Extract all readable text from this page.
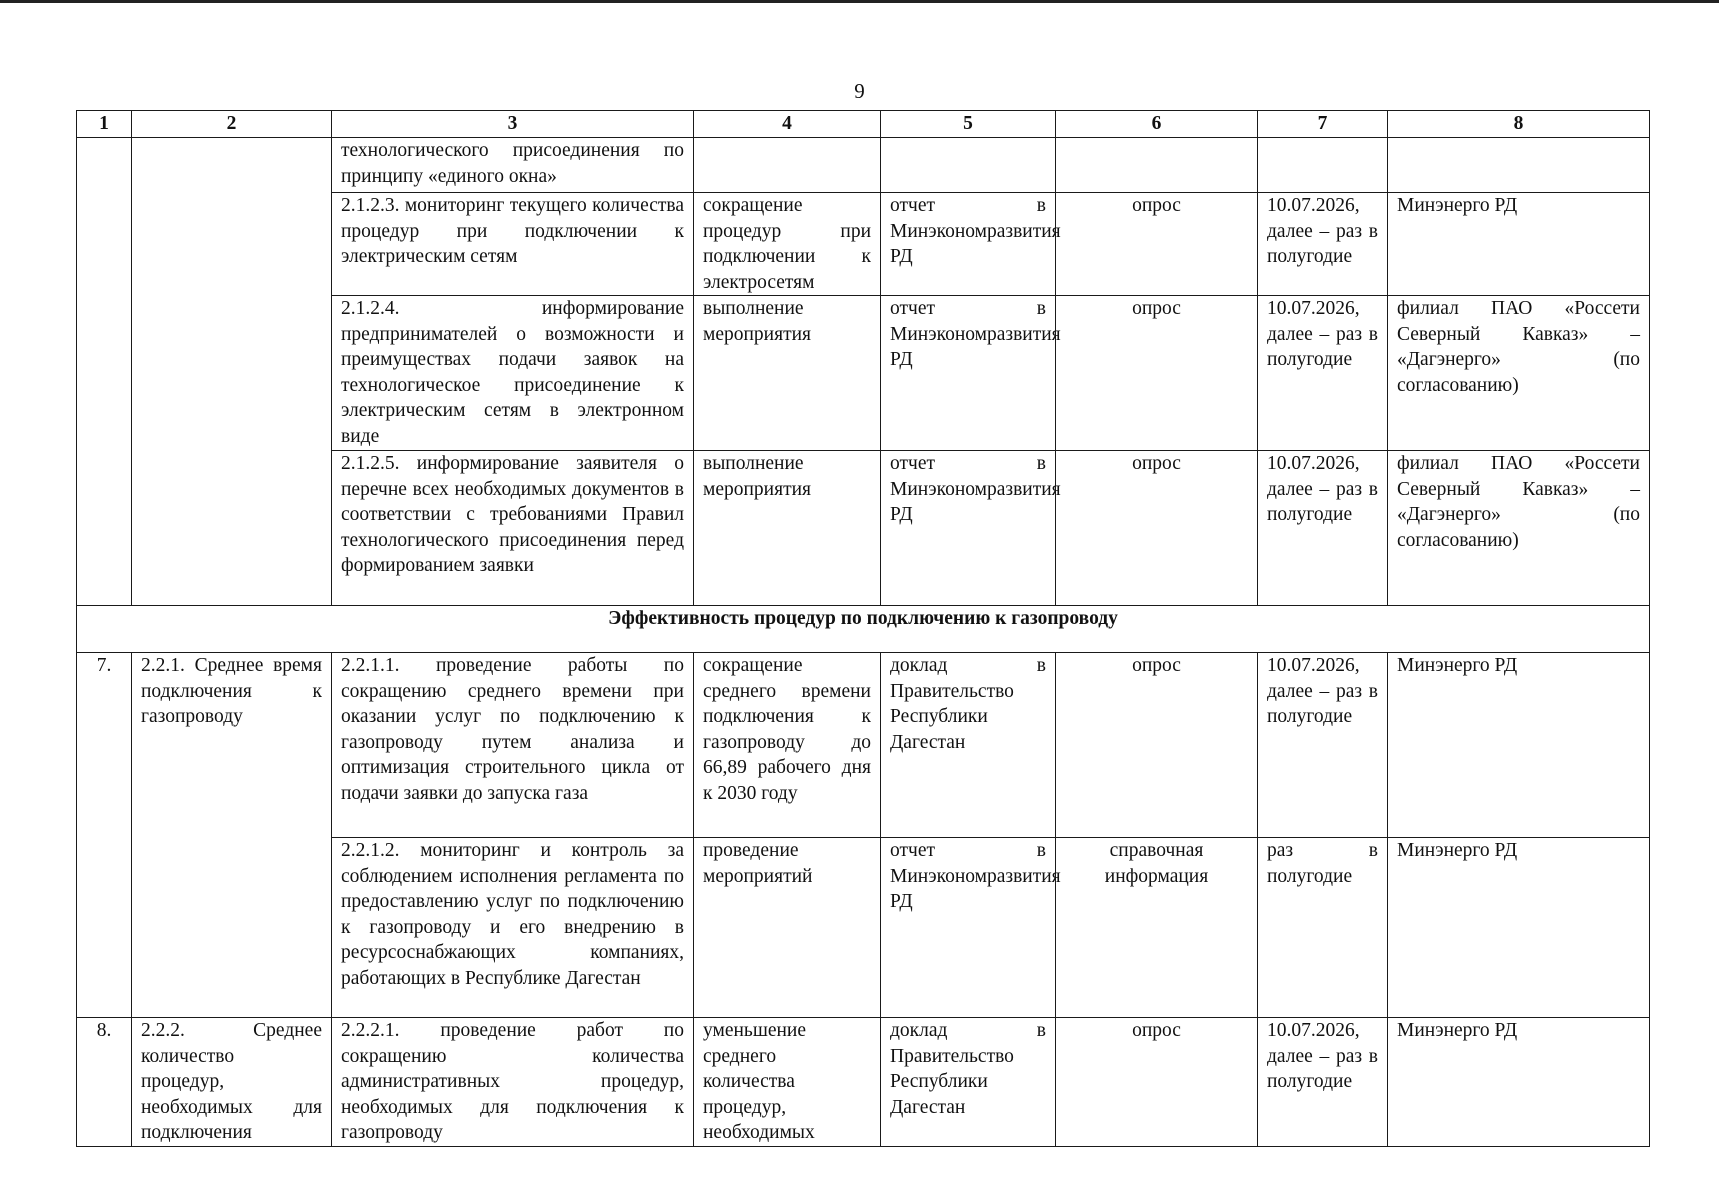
9
1	2	3	4	5	6	7	8
		технологического присоединения по принципу «единого окна»					
		2.1.2.3. мониторинг текущего количества процедур при подключении к электрическим сетям	сокращение процедур при подключении к электросетям	отчет в Минэкономразвития РД	опрос	10.07.2026, далее – раз в полугодие	Минэнерго РД
		2.1.2.4. информирование предпринимателей о возможности и преимуществах подачи заявок на технологическое присоединение к электрическим сетям в электронном виде	выполнение мероприятия	отчет в Минэкономразвития РД	опрос	10.07.2026, далее – раз в полугодие	филиал ПАО «Россети Северный Кавказ» – «Дагэнерго» (по согласованию)
		2.1.2.5. информирование заявителя о перечне всех необходимых документов в соответствии с требованиями Правил технологического присоединения перед формированием заявки	выполнение мероприятия	отчет в Минэкономразвития РД	опрос	10.07.2026, далее – раз в полугодие	филиал ПАО «Россети Северный Кавказ» – «Дагэнерго» (по согласованию)
Эффективность процедур по подключению к газопроводу							
7.	2.2.1. Среднее время подключения к газопроводу	2.2.1.1. проведение работы по сокращению среднего времени при оказании услуг по подключению к газопроводу путем анализа и оптимизация строительного цикла от подачи заявки до запуска газа	сокращение среднего времени подключения к газопроводу до 66,89 рабочего дня к 2030 году	доклад в Правительство Республики Дагестан	опрос	10.07.2026, далее – раз в полугодие	Минэнерго РД
		2.2.1.2. мониторинг и контроль за соблюдением исполнения регламента по предоставлению услуг по подключению к газопроводу и его внедрению в ресурсоснабжающих компаниях, работающих в Республике Дагестан	проведение мероприятий	отчет в Минэкономразвития РД	справочная информация	раз в полугодие	Минэнерго РД
8.	2.2.2. Среднее количество процедур, необходимых для подключения	2.2.2.1. проведение работ по сокращению количества административных процедур, необходимых для подключения к газопроводу	уменьшение среднего количества процедур, необходимых	доклад в Правительство Республики Дагестан	опрос	10.07.2026, далее – раз в полугодие	Минэнерго РД
